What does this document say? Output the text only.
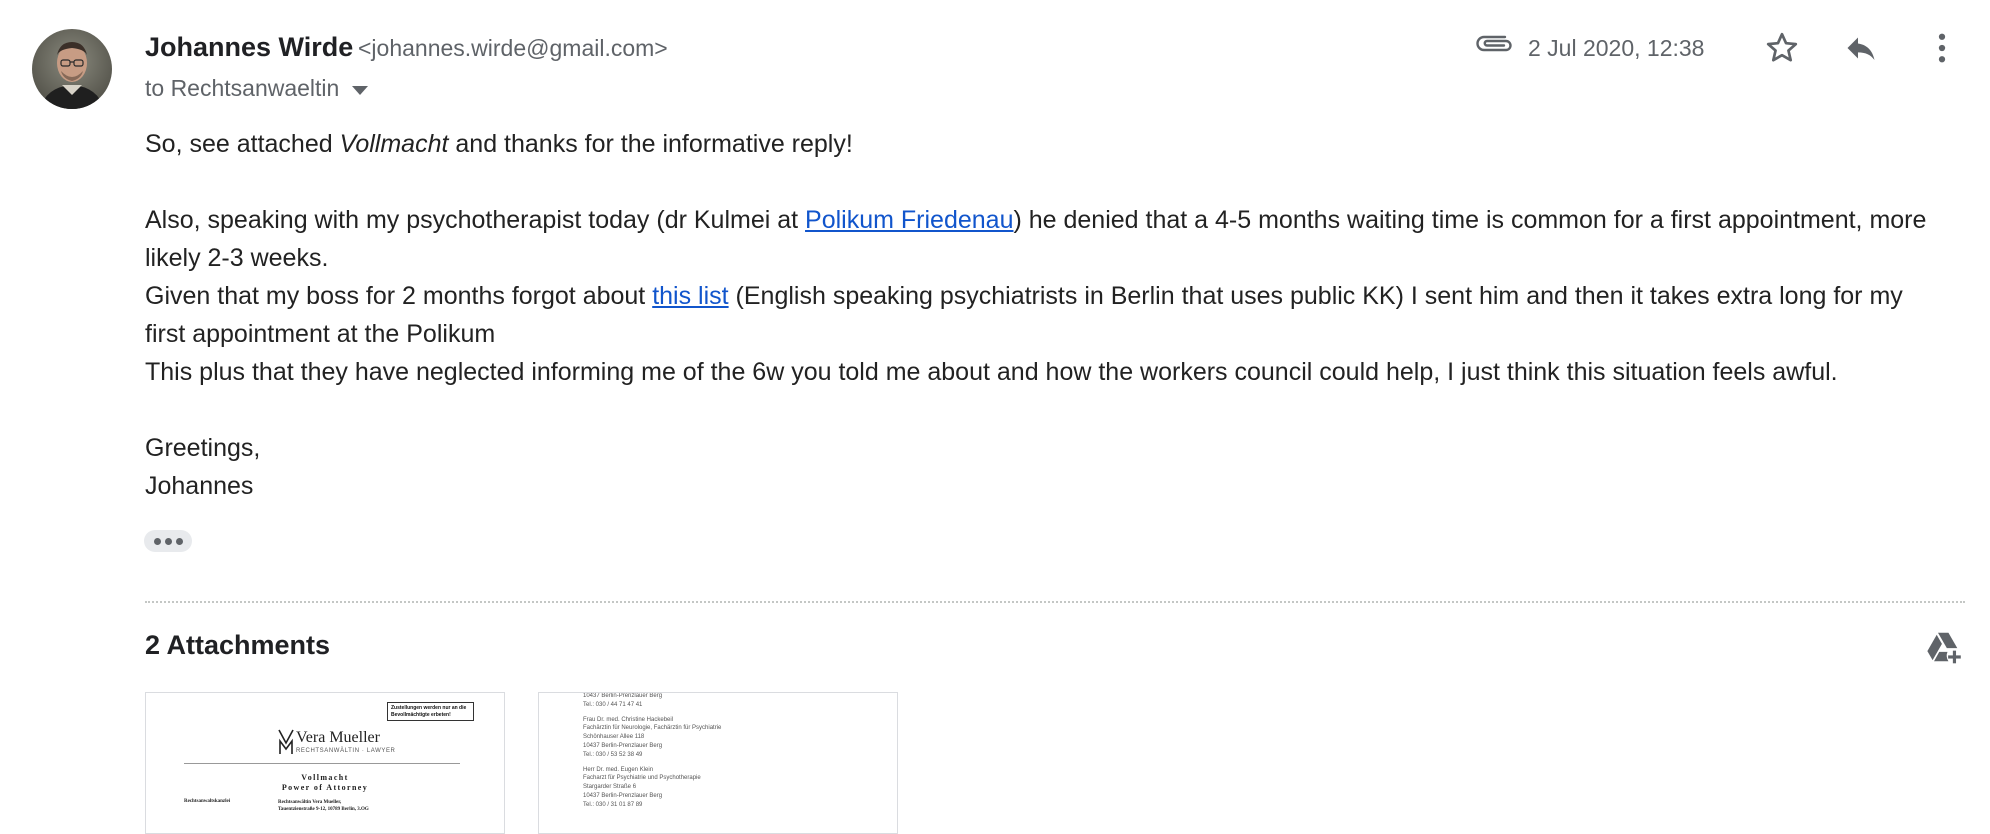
Johannes Wirde <johannes.wirde@gmail.com>
to Rechtsanwaeltin
2 Jul 2020, 12:38

So, see attached Vollmacht and thanks for the informative reply!

Also, speaking with my psychotherapist today (dr Kulmei at Polikum Friedenau) he denied that a 4-5 months waiting time is common for a first appointment, more likely 2-3 weeks.

Given that my boss for 2 months forgot about this list (English speaking psychiatrists in Berlin that uses public KK) I sent him and then it takes extra long for my first appointment at the Polikum

This plus that they have neglected informing me of the 6w you told me about and how the workers council could help, I just think this situation feels awful.

Greetings,

Johannes

2 Attachments
Zustellungen werden nur an die
Bevollmächtigte erbeten!
Vera Mueller
RECHTSANWÄLTIN · LAWYER
Vollmacht
Power of Attorney
Rechtsanwaltskanzlei	Rechtsanwältin Vera Mueller,
Tauentzienstraße 9-12, 10789 Berlin, 3.OG
10437 Berlin-Prenzlauer Berg
Tel.: 030 / 44 71 47 41
Frau Dr. med. Christine Hackebeil
Fachärztin für Neurologie, Fachärztin für Psychiatrie
Schönhauser Allee 118
10437 Berlin-Prenzlauer Berg
Tel.: 030 / 53 52 38 49
Herr Dr. med. Eugen Klein
Facharzt für Psychiatrie und Psychotherapie
Stargarder Straße 6
10437 Berlin-Prenzlauer Berg
Tel.: 030 / 31 01 87 89
